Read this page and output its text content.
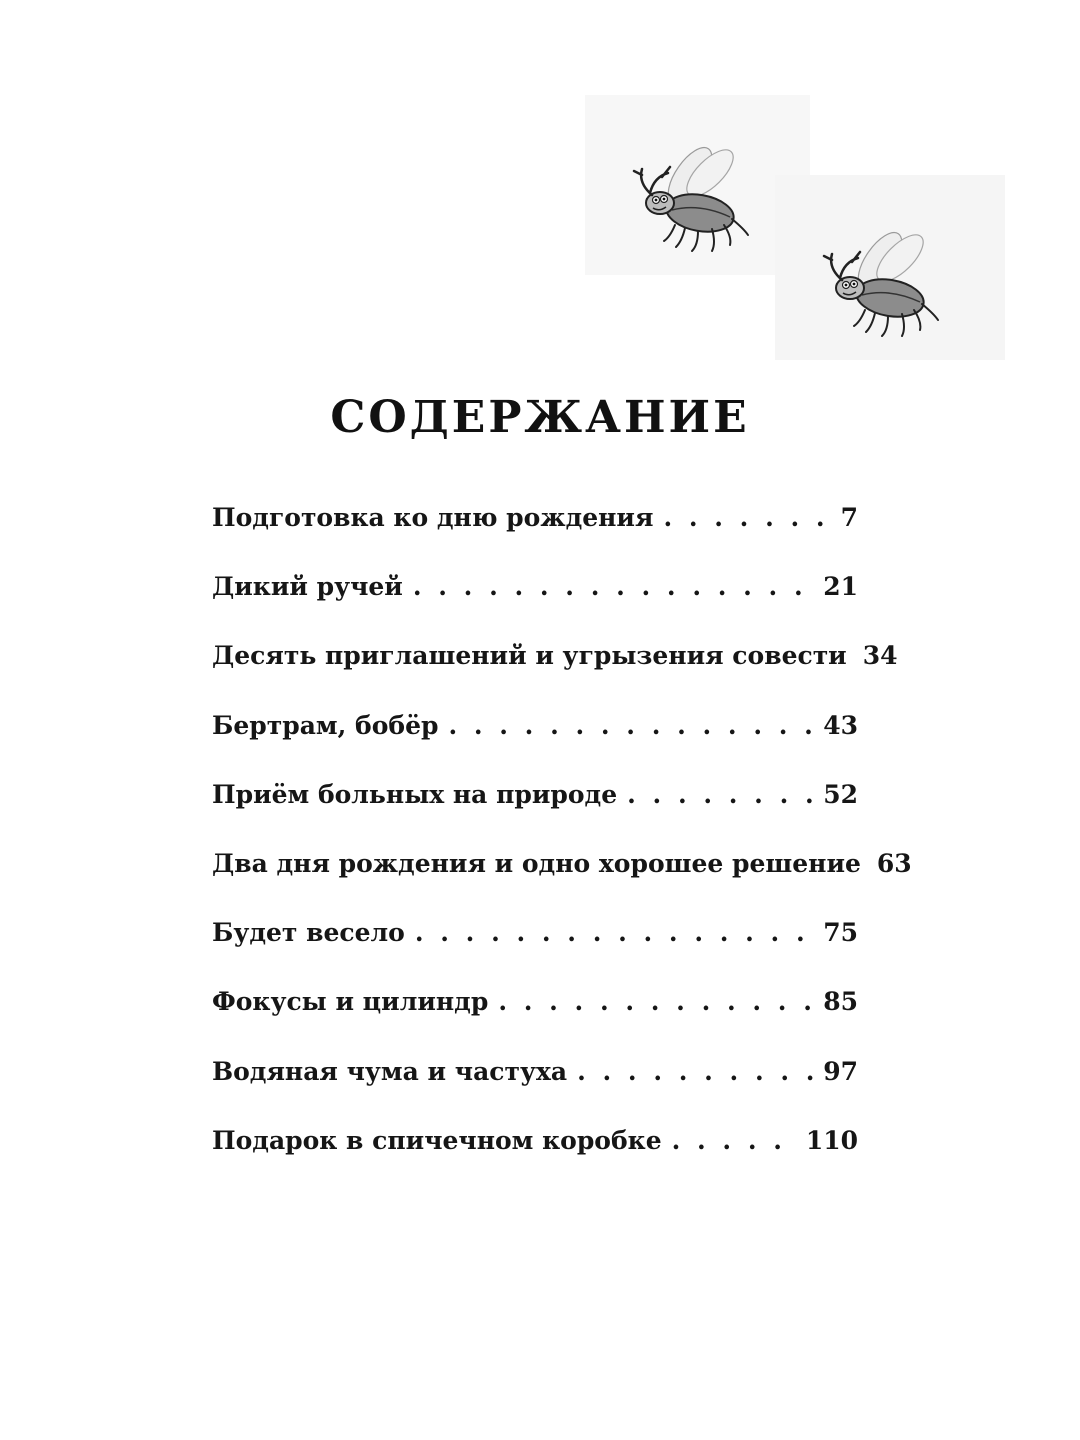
СОДЕРЖАНИЕ
Подготовка ко дню рождения . . .	7
Дикий ручей . . .	21
Десять приглашений и угрызения совести 34
Бертрам, бобёр . . .	43
Приём больных на природе . . .	52
Два дня рождения и одно хорошее решение 63
Будет весело . . .	75
Фокусы и цилиндр . . .	85
Водяная чума и частуха . . .	97
Подарок в спичечном коробке . . .	110
